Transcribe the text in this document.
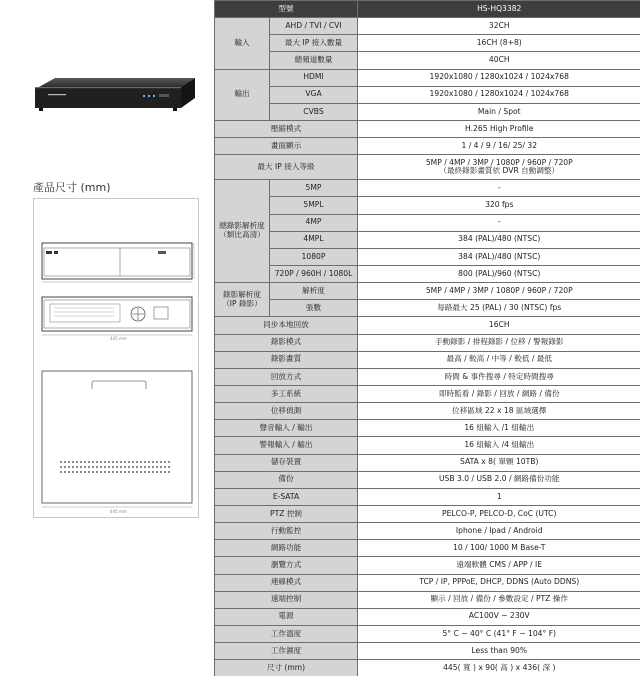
產品尺寸 (mm)
445 mm
445 mm
型號		HS-HQ3382
輸入	AHD / TVI / CVI	32CH
	最大 IP 接入數量	16CH (8+8)
	總頻道數量	40CH
輸出	HDMI	1920x1080 / 1280x1024 / 1024x768
	VGA	1920x1080 / 1280x1024 / 1024x768
	CVBS	Main / Spot
壓縮模式		H.265 High Profile
畫面顯示		1 / 4 / 9 / 16/ 25/ 32
最大 IP 接入等級		5MP / 4MP / 3MP / 1080P / 960P / 720P
（最終錄影畫質依 DVR 自動調整）

總錄影解析度
（類比高清）	5MP	-
	5MPL	320 fps
	4MP	-
	4MPL	384 (PAL)/480 (NTSC)
	1080P	384 (PAL)/480 (NTSC)
	720P / 960H / 1080L	800 (PAL)/960 (NTSC)

錄影解析度
（IP 錄影）	解析度	5MP / 4MP / 3MP / 1080P / 960P / 720P
	張數	每路最大 25 (PAL) / 30 (NTSC) fps
同步本地回放		16CH
錄影模式		手動錄影 / 排程錄影 / 位移 / 警報錄影
錄影畫質		最高 / 較高 / 中等 / 較低 / 最低
回放方式		時間 & 事件搜尋 / 特定時間搜尋
多工系統		即時監看 / 錄影 / 回放 / 網路 / 備份
位移偵測		位移區域 22 x 18 區域選擇
聲音輸入 / 輸出		16 組輸入 /1 組輸出
警報輸入 / 輸出		16 組輸入 /4 組輸出
儲存裝置		SATA x 8( 單顆 10TB)
備份		USB 3.0 / USB 2.0 / 網路備份功能
E-SATA		1
PTZ 控制		PELCO-P, PELCO-D, CoC (UTC)
行動監控		Iphone / Ipad / Android
網路功能		10 / 100/ 1000 M Base-T
瀏覽方式		遠端軟體 CMS / APP / IE
連線模式		TCP / IP, PPPoE, DHCP, DDNS (Auto DDNS)
遠端控制		顯示 / 回放 / 備份 / 參數設定 / PTZ 操作
電源		AC100V ~ 230V
工作溫度		5° C ~ 40° C (41° F ~ 104° F)
工作濕度		Less than 90%
尺寸 (mm)		445( 寬 ) x 90( 高 ) x 436( 深 )
